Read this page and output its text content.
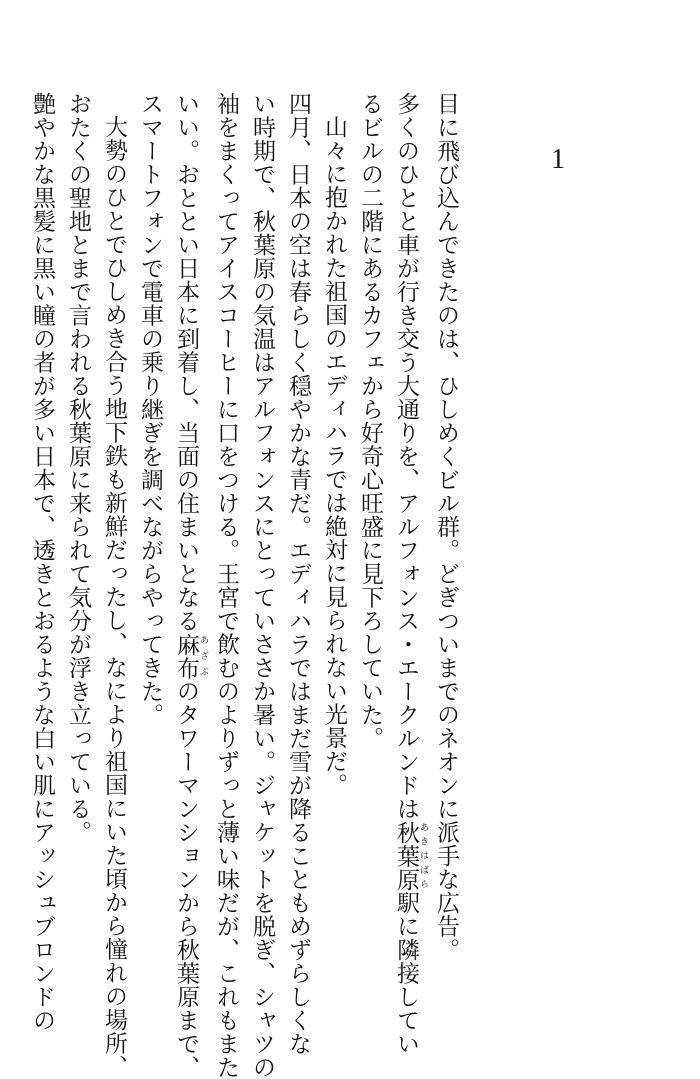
1
目に飛び込んできたのは、ひしめくビル群。どぎついまでのネオンに派手な広告。
多くのひとと車が行き交う大通りを、アルフォンス・エークルンドは秋葉原 あきはばら駅に隣接してい
るビルの二階にあるカフェから好奇心旺盛に見下ろしていた。
山々に抱かれた祖国のエディハラでは絶対に見られない光景だ。
四月、日本の空は春らしく穏やかな青だ。エディハラではまだ雪が降ることもめずらしくな
い時期で、秋葉原の気温はアルフォンスにとっていささか暑い。ジャケットを脱ぎ、シャツの
袖をまくってアイスコーヒーに口をつける。王宮で飲むのよりずっと薄い味だが、これもまた
いい。おととい日本に到着し、当面の住まいとなる麻布 あざぶのタワーマンションから秋葉原まで、
スマートフォンで電車の乗り継ぎを調べながらやってきた。
大勢のひとでひしめき合う地下鉄も新鮮だったし、なにより祖国にいた頃から憧れの場所、
おたくの聖地とまで言われる秋葉原に来られて気分が浮き立っている。
艶やかな黒髪に黒い瞳の者が多い日本で、透きとおるような白い肌にアッシュブロンドの
